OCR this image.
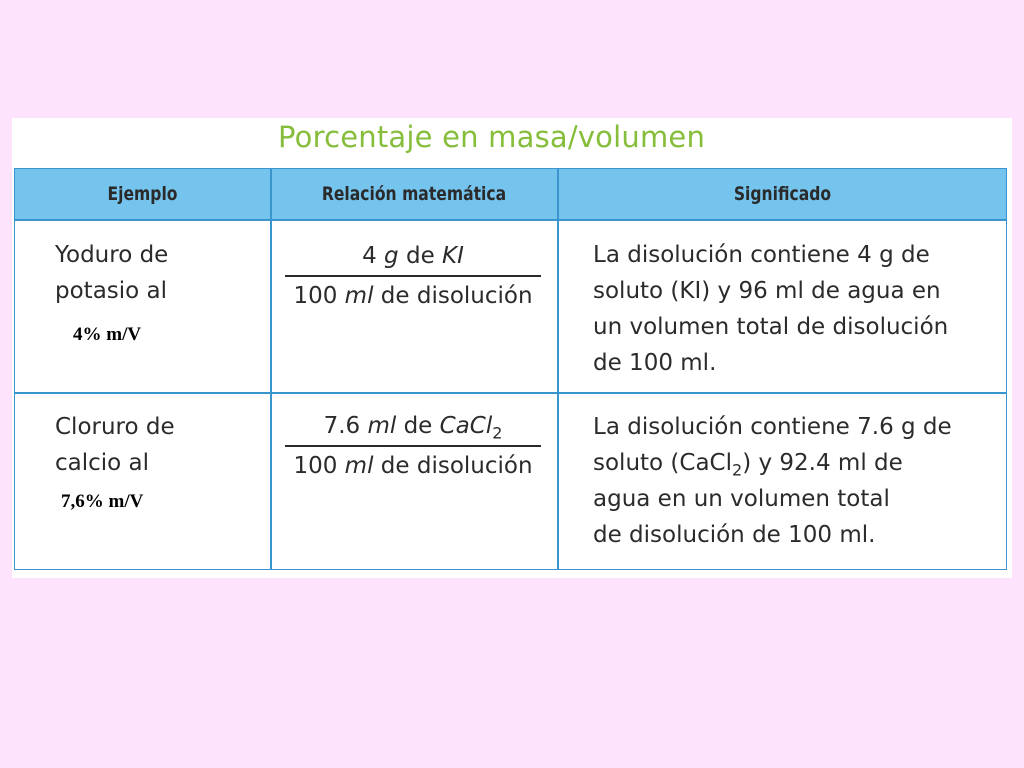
Porcentaje en masa/volumen
Ejemplo	Relación matemática	Significado
Yoduro de
potasio al
4% m/V
4 g de KI
100 ml de disolución
La disolución contiene 4 g de
soluto (KI) y 96 ml de agua en
un volumen total de disolución
de 100 ml.
Cloruro de
calcio al
7,6% m/V
7.6 ml de CaCl$_2$
100 ml de disolución
La disolución contiene 7.6 g de
soluto (CaCl$_2$) y 92.4 ml de
agua en un volumen total
de disolución de 100 ml.
